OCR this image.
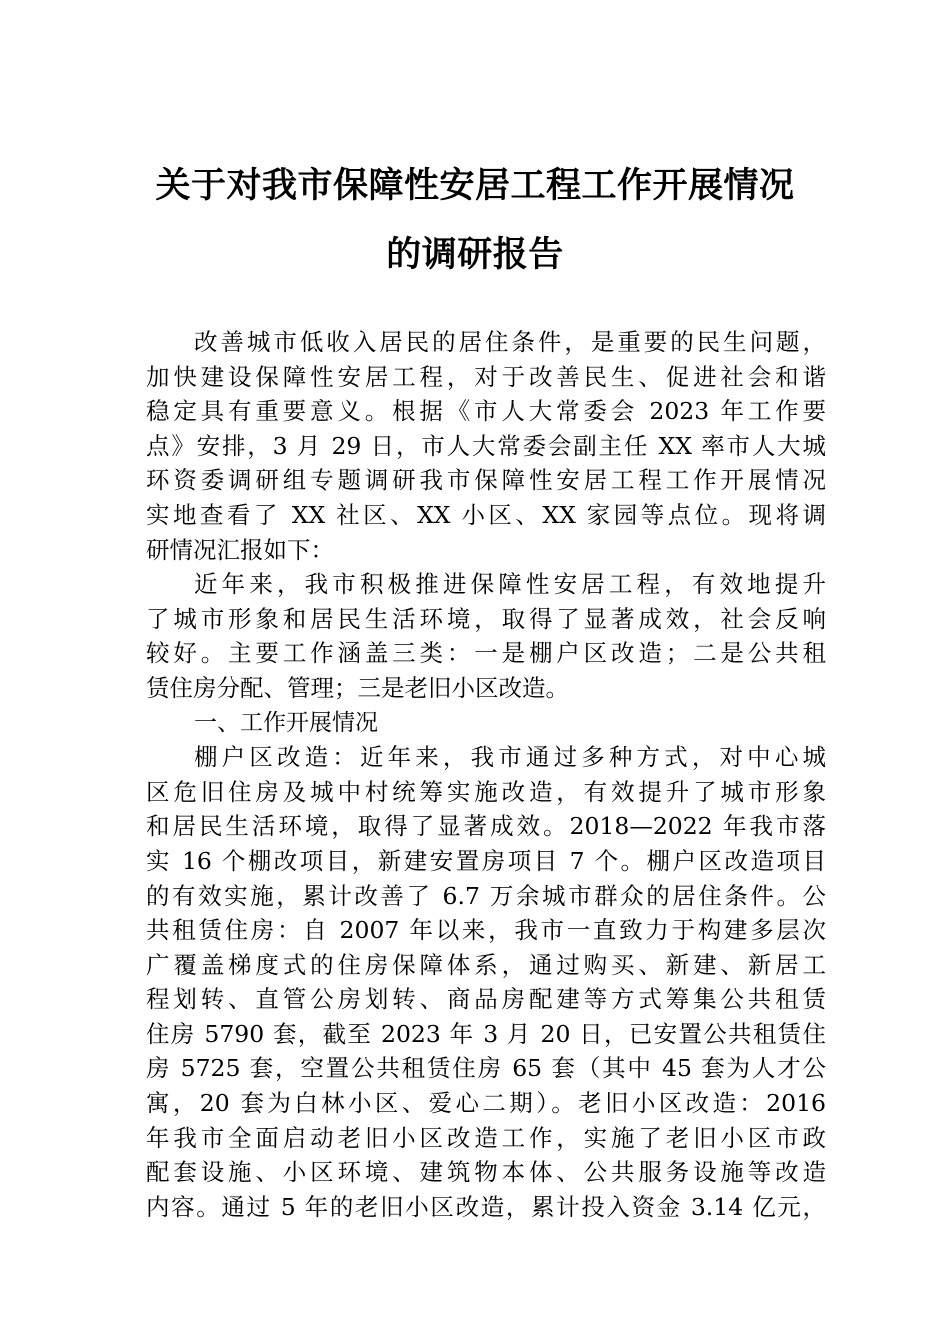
关于对我市保障性安居工程工作开展情况
的调研报告
改善城市低收入居民的居住条件，是重要的民生问题，
加快建设保障性安居工程，对于改善民生、促进社会和谐
稳定具有重要意义。根据《市人大常委会 2023 年工作要
点》安排，3 月 29 日，市人大常委会副主任 XX 率市人大城
环资委调研组专题调研我市保障性安居工程工作开展情况
实地查看了 XX 社区、XX 小区、XX 家园等点位。现将调
研情况汇报如下：
近年来，我市积极推进保障性安居工程，有效地提升
了城市形象和居民生活环境，取得了显著成效，社会反响
较好。主要工作涵盖三类：一是棚户区改造；二是公共租
赁住房分配、管理；三是老旧小区改造。
一、工作开展情况
棚户区改造：近年来，我市通过多种方式，对中心城
区危旧住房及城中村统筹实施改造，有效提升了城市形象
和居民生活环境，取得了显著成效。2018—2022 年我市落
实 16 个棚改项目，新建安置房项目 7 个。棚户区改造项目
的有效实施，累计改善了 6.7 万余城市群众的居住条件。公
共租赁住房：自 2007 年以来，我市一直致力于构建多层次
广覆盖梯度式的住房保障体系，通过购买、新建、新居工
程划转、直管公房划转、商品房配建等方式筹集公共租赁
住房 5790 套，截至 2023 年 3 月 20 日，已安置公共租赁住
房 5725 套，空置公共租赁住房 65 套（其中 45 套为人才公
寓，20 套为白林小区、爱心二期）。老旧小区改造：2016
年我市全面启动老旧小区改造工作，实施了老旧小区市政
配套设施、小区环境、建筑物本体、公共服务设施等改造
内容。通过 5 年的老旧小区改造，累计投入资金 3.14 亿元，
